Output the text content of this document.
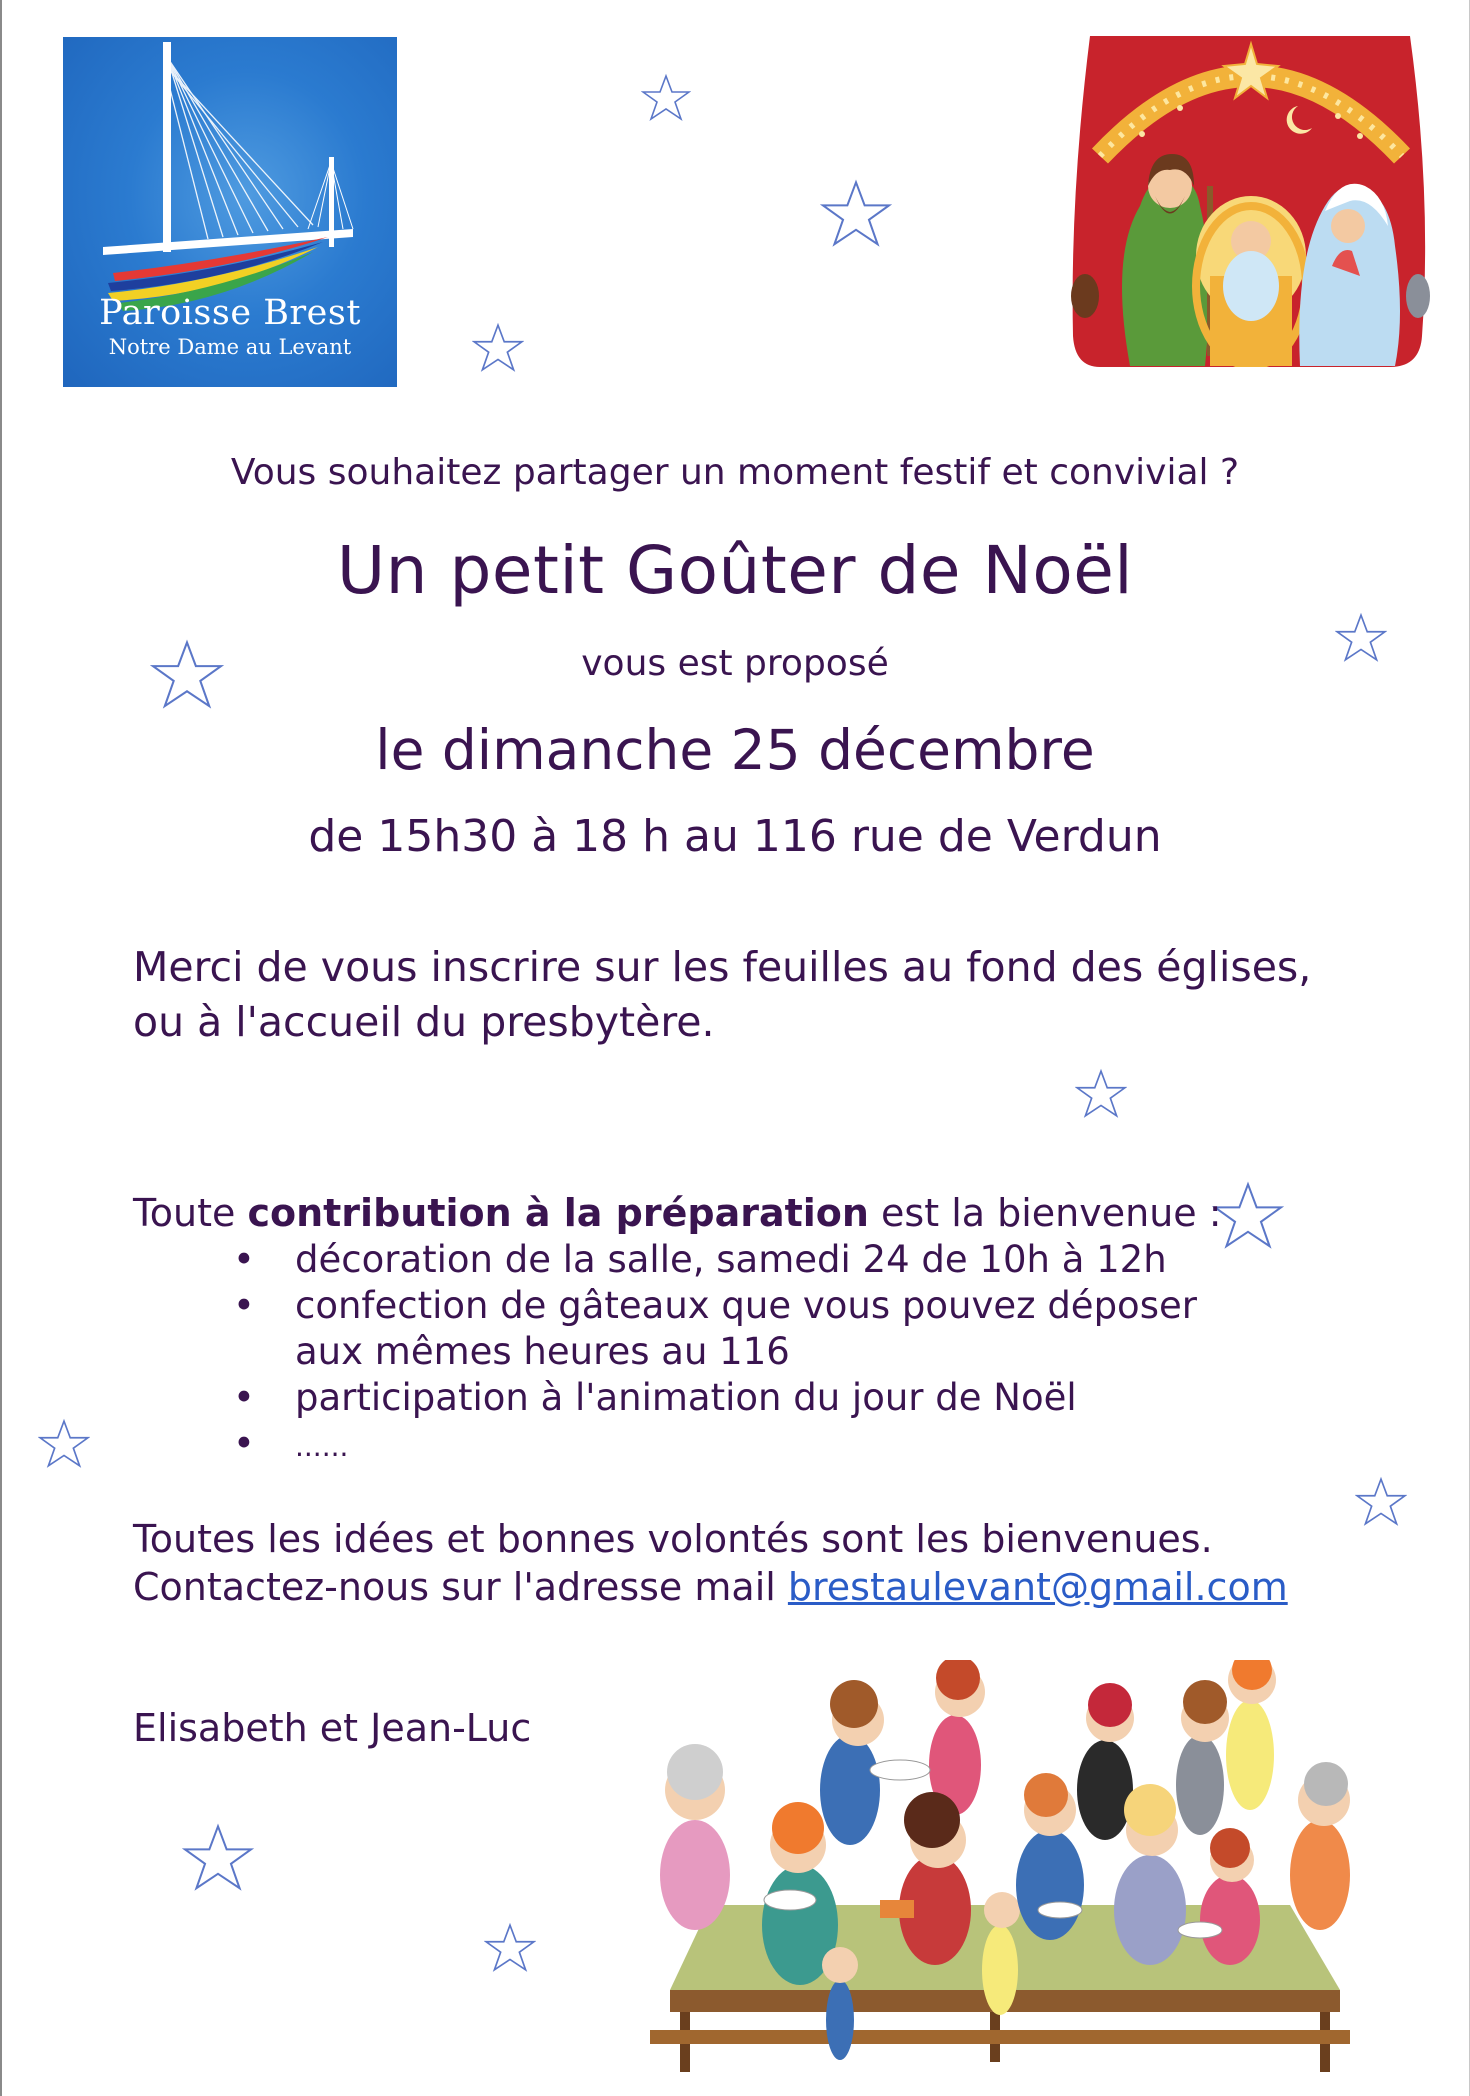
Paroisse Brest
Notre Dame au Levant
Vous souhaitez partager un moment festif et convivial ?
Un petit Goûter de Noël
vous est proposé
le dimanche 25 décembre
de 15h30 à 18 h au 116 rue de Verdun
Merci de vous inscrire sur les feuilles au fond des églises,
ou à l'accueil du presbytère.
Toute contribution à la préparation est la bienvenue :
• décoration de la salle, samedi 24 de 10h à 12h
• confection de gâteaux que vous pouvez déposer
aux mêmes heures au 116
• participation à l'animation du jour de Noël
• ......
Toutes les idées et bonnes volontés sont les bienvenues.
Contactez-nous sur l'adresse mail brestaulevant@gmail.com
Elisabeth et Jean-Luc
